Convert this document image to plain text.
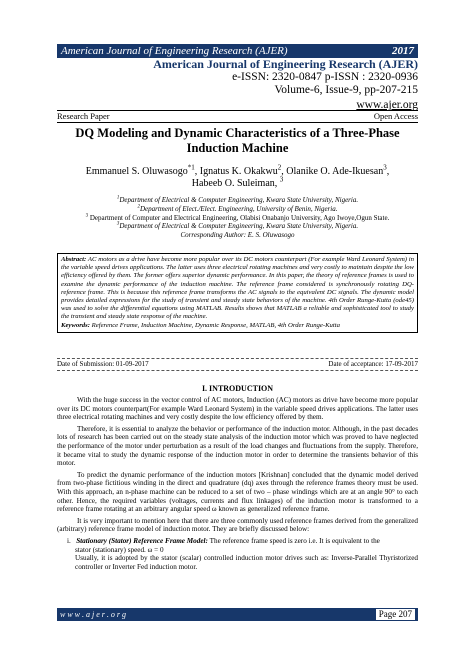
American Journal of Engineering Research (AJER)	2017
American Journal of Engineering Research (AJER)
e-ISSN: 2320-0847 p-ISSN : 2320-0936
Volume-6, Issue-9, pp-207-215
www.ajer.org
Research Paper	Open Access
DQ Modeling and Dynamic Characteristics of a Three-Phase Induction Machine
Emmanuel S. Oluwasogo$^{*1}$, Ignatus K. Okakwu$^2$, Olanike O. Ade-Ikuesan$^3$, Habeeb O. Suleiman, $^3$
$^1$Department of Electrical & Computer Engineering, Kwara State University, Nigeria.
$^2$Department of Elect./Elect. Engineering, University of Benin, Nigeria.
$^3$ Department of Computer and Electrical Engineering, Olabisi Onabanjo University, Ago Iwoye,Ogun State.
$^3$Department of Electrical & Computer Engineering, Kwara State University, Nigeria.
Corresponding Author: E. S. Oluwasogo
Abstract: AC motors as a drive have become more popular over its DC motors counterpart (For example Ward Leonard System) in the variable speed drives applications. The latter uses three electrical rotating machines and very costly to maintain despite the low efficiency offered by them. The former offers superior dynamic performance. In this paper, the theory of reference frames is used to examine the dynamic performance of the induction machine. The reference frame considered is synchronously rotating DQ-reference frame. This is because this reference frame transforms the AC signals to the equivalent DC signals. The dynamic model provides detailed expressions for the study of transient and steady state behaviors of the machine. 4th Order Runge-Kutta (ode45) was used to solve the differential equations using MATLAB. Results shows that MATLAB a reliable and sophisticated tool to study the transient and steady state response of the machine.
Keywords: Reference Frame, Induction Machine, Dynamic Response, MATLAB, 4th Order Runge-Kutta
Date of Submission: 01-09-2017	Date of acceptance: 17-09-2017
I. INTRODUCTION

With the huge success in the vector control of AC motors, Induction (AC) motors as drive have become more popular over its DC motors counterpart(For example Ward Leonard System) in the variable speed drives applications. The latter uses three electrical rotating machines and very costly despite the low efficiency offered by them.

Therefore, it is essential to analyze the behavior or performance of the induction motor. Although, in the past decades lots of research has been carried out on the steady state analysis of the induction motor which was proved to have neglected the performance of the motor under perturbation as a result of the load changes and fluctuations from the supply. Therefore, it became vital to study the dynamic response of the induction motor in order to determine the transients behavior of this motor.

To predict the dynamic performance of the induction motors [Krishnan] concluded that the dynamic model derived from two-phase fictitious winding in the direct and quadrature (dq) axes through the reference frames theory must be used. With this approach, an n-phase machine can be reduced to a set of two – phase windings which are at an angle 90° to each other. Hence, the required variables (voltages, currents and flux linkages) of the induction motor is transformed to a reference frame rotating at an arbitrary angular speed ω known as generalized reference frame.

It is very important to mention here that there are three commonly used reference frames derived from the generalized (arbitrary) reference frame model of induction motor. They are briefly discussed below:

i. Stationary (Stator) Reference Frame Model: The reference frame speed is zero i.e. It is equivalent to the

stator (stationary) speed. ω = 0

Usually, it is adopted by the stator (scalar) controlled induction motor drives such as: Inverse-Parallel Thyristorized controller or Inverter Fed induction motor.

w w w . a j e r . o r g	Page 207
